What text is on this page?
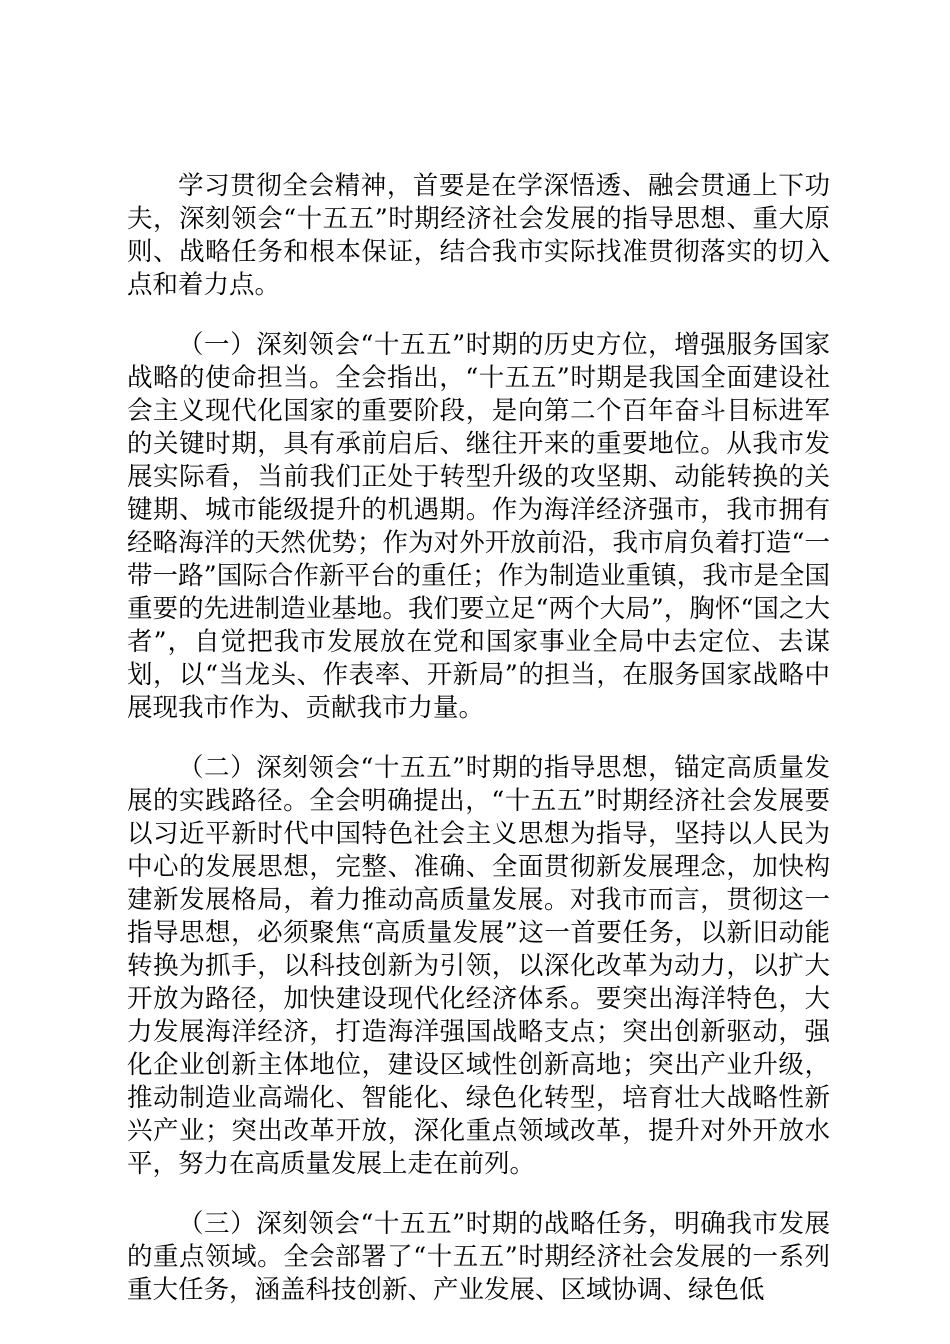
学习贯彻全会精神，首要是在学深悟透、融会贯通上下功夫，深刻领会“十五五”时期经济社会发展的指导思想、重大原则、战略任务和根本保证，结合我市实际找准贯彻落实的切入点和着力点。

（一）深刻领会“十五五”时期的历史方位，增强服务国家战略的使命担当。全会指出，“十五五”时期是我国全面建设社会主义现代化国家的重要阶段，是向第二个百年奋斗目标进军的关键时期，具有承前启后、继往开来的重要地位。从我市发展实际看，当前我们正处于转型升级的攻坚期、动能转换的关键期、城市能级提升的机遇期。作为海洋经济强市，我市拥有经略海洋的天然优势；作为对外开放前沿，我市肩负着打造“一带一路”国际合作新平台的重任；作为制造业重镇，我市是全国重要的先进制造业基地。我们要立足“两个大局”，胸怀“国之大者”，自觉把我市发展放在党和国家事业全局中去定位、去谋划，以“当龙头、作表率、开新局”的担当，在服务国家战略中展现我市作为、贡献我市力量。

（二）深刻领会“十五五”时期的指导思想，锚定高质量发展的实践路径。全会明确提出，“十五五”时期经济社会发展要以习近平新时代中国特色社会主义思想为指导，坚持以人民为中心的发展思想，完整、准确、全面贯彻新发展理念，加快构建新发展格局，着力推动高质量发展。对我市而言，贯彻这一指导思想，必须聚焦“高质量发展”这一首要任务，以新旧动能转换为抓手，以科技创新为引领，以深化改革为动力，以扩大开放为路径，加快建设现代化经济体系。要突出海洋特色，大力发展海洋经济，打造海洋强国战略支点；突出创新驱动，强化企业创新主体地位，建设区域性创新高地；突出产业升级，推动制造业高端化、智能化、绿色化转型，培育壮大战略性新兴产业；突出改革开放，深化重点领域改革，提升对外开放水平，努力在高质量发展上走在前列。

（三）深刻领会“十五五”时期的战略任务，明确我市发展的重点领域。全会部署了“十五五”时期经济社会发展的一系列重大任务，涵盖科技创新、产业发展、区域协调、绿色低
